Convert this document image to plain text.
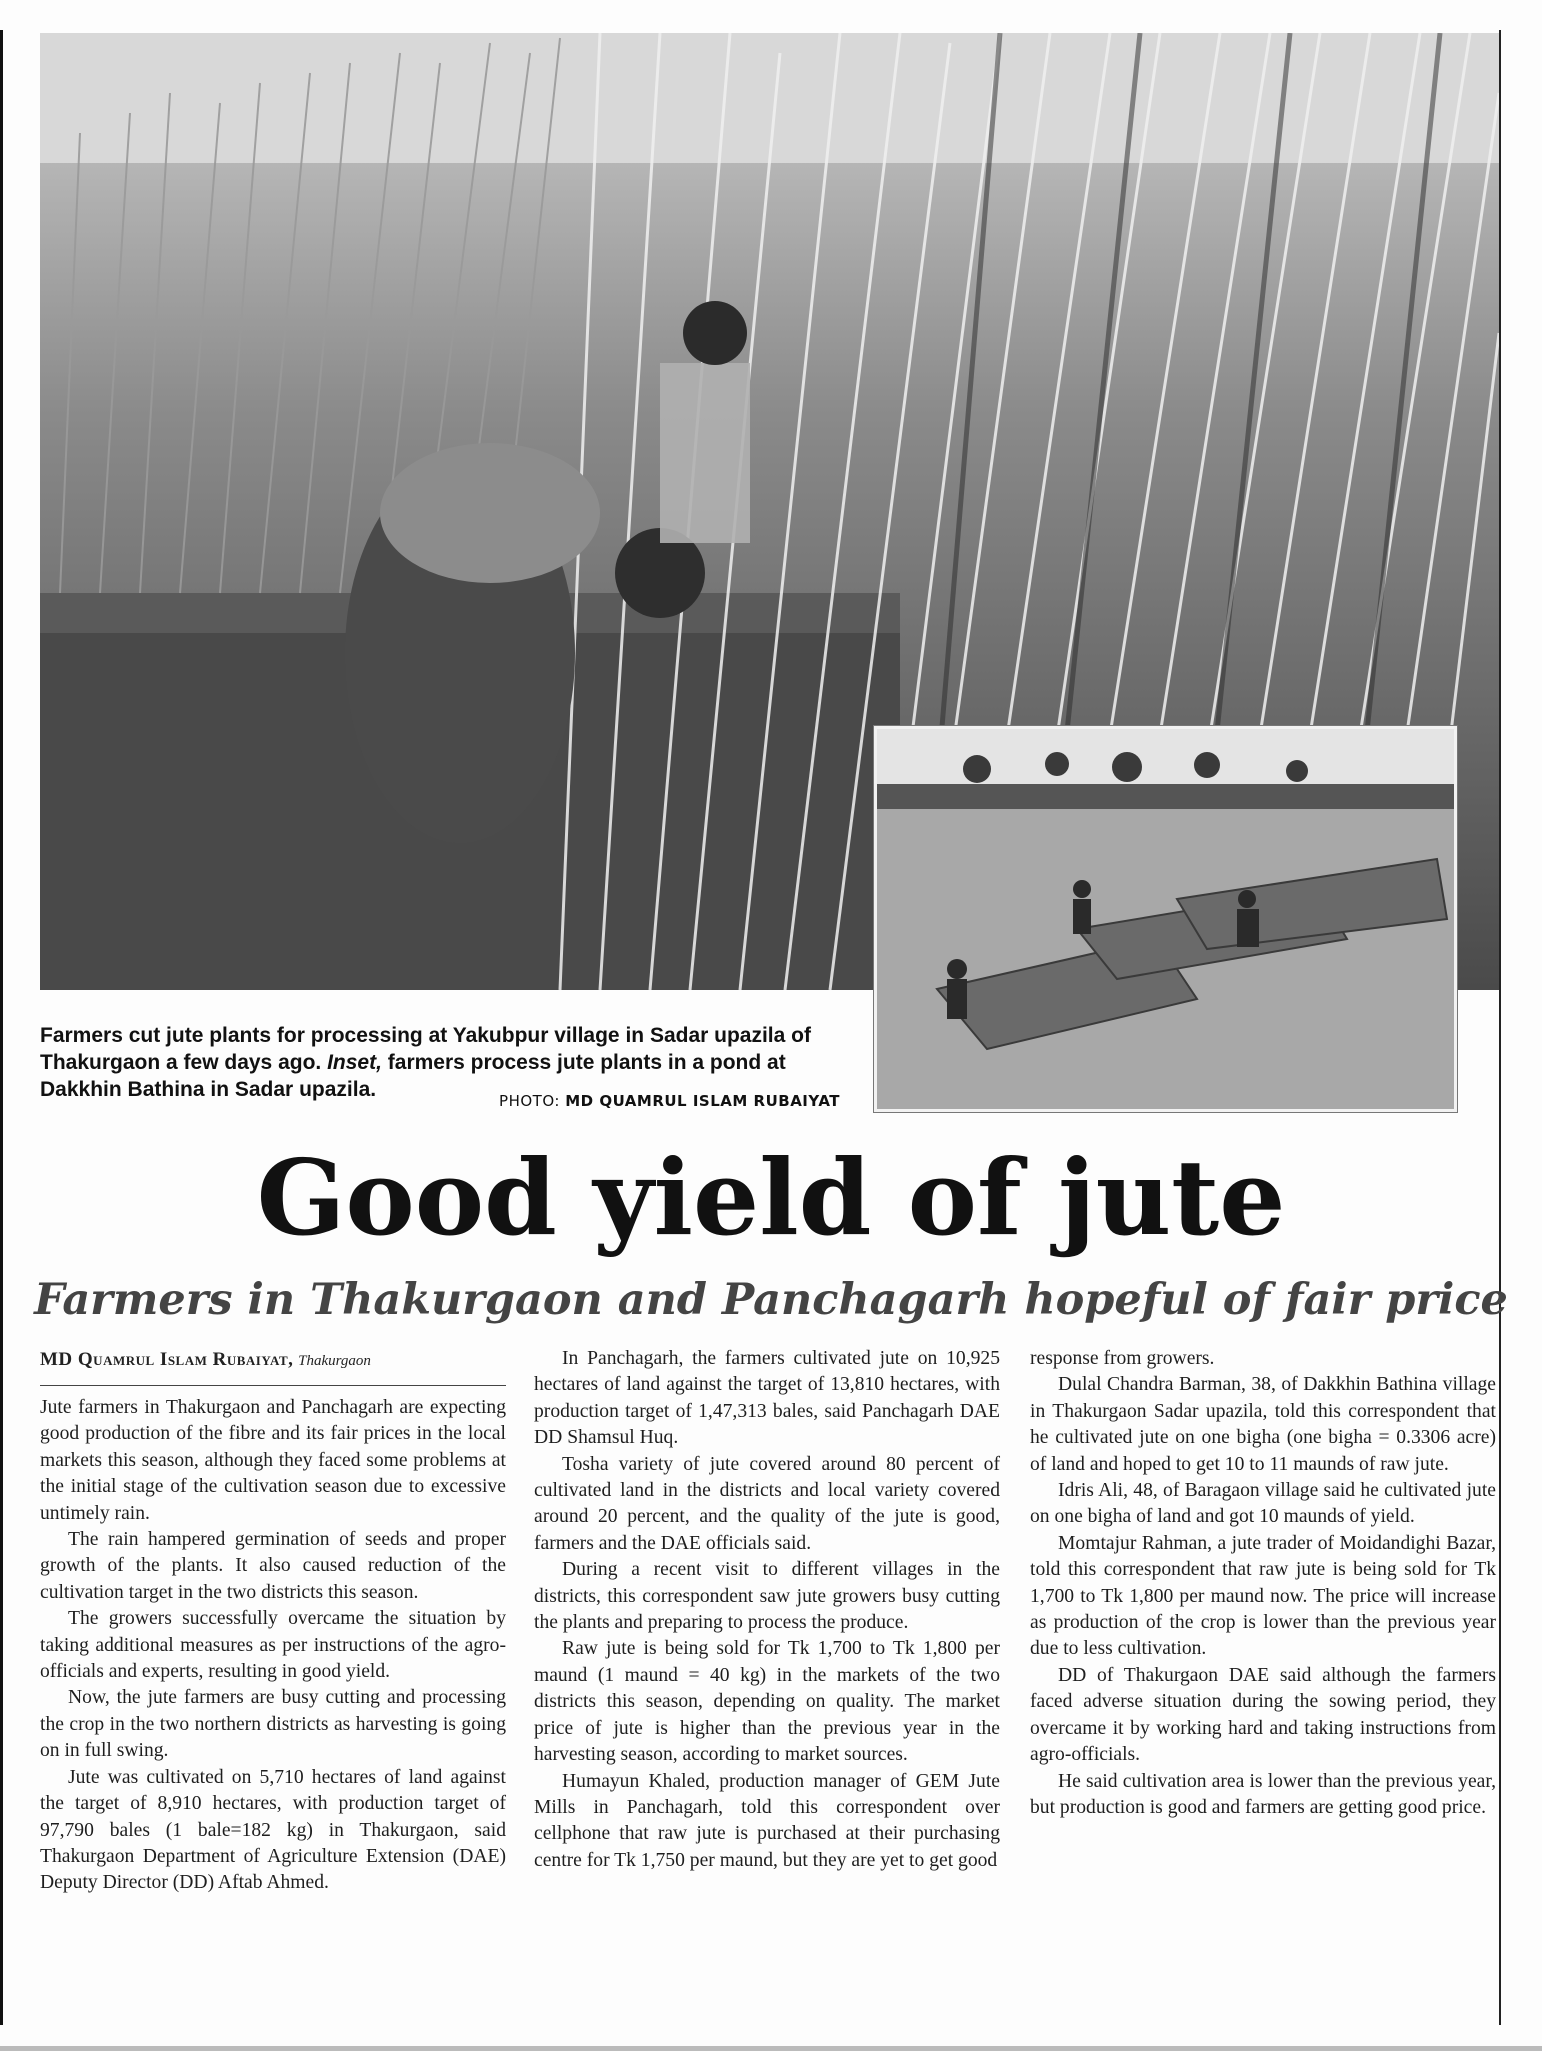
Farmers cut jute plants for processing at Yakubpur village in Sadar upazila of Thakurgaon a few days ago. Inset, farmers process jute plants in a pond at Dakkhin Bathina in Sadar upazila.	PHOTO: MD QUAMRUL ISLAM RUBAIYAT
Good yield of jute
Farmers in Thakurgaon and Panchagarh hopeful of fair price
MD Quamrul Islam Rubaiyat, Thakurgaon

Jute farmers in Thakurgaon and Panchagarh are expecting good production of the fibre and its fair prices in the local markets this season, although they faced some problems at the initial stage of the cultivation season due to excessive untimely rain.

The rain hampered germination of seeds and proper growth of the plants. It also caused reduction of the cultivation target in the two districts this season.

The growers successfully overcame the situation by taking additional measures as per instructions of the agro-officials and experts, resulting in good yield.

Now, the jute farmers are busy cutting and processing the crop in the two northern districts as harvesting is going on in full swing.

Jute was cultivated on 5,710 hectares of land against the target of 8,910 hectares, with production target of 97,790 bales (1 bale=182 kg) in Thakurgaon, said Thakurgaon Department of Agriculture Extension (DAE) Deputy Director (DD) Aftab Ahmed.

In Panchagarh, the farmers cultivated jute on 10,925 hectares of land against the target of 13,810 hectares, with production target of 1,47,313 bales, said Panchagarh DAE DD Shamsul Huq.

Tosha variety of jute covered around 80 percent of cultivated land in the districts and local variety covered around 20 percent, and the quality of the jute is good, farmers and the DAE officials said.

During a recent visit to different villages in the districts, this correspondent saw jute growers busy cutting the plants and preparing to process the produce.

Raw jute is being sold for Tk 1,700 to Tk 1,800 per maund (1 maund = 40 kg) in the markets of the two districts this season, depending on quality. The market price of jute is higher than the previous year in the harvesting season, according to market sources.

Humayun Khaled, production manager of GEM Jute Mills in Panchagarh, told this correspondent over cellphone that raw jute is purchased at their purchasing centre for Tk 1,750 per maund, but they are yet to get good

response from growers.

Dulal Chandra Barman, 38, of Dakkhin Bathina village in Thakurgaon Sadar upazila, told this correspondent that he cultivated jute on one bigha (one bigha = 0.3306 acre) of land and hoped to get 10 to 11 maunds of raw jute.

Idris Ali, 48, of Baragaon village said he cultivated jute on one bigha of land and got 10 maunds of yield.

Momtajur Rahman, a jute trader of Moidandighi Bazar, told this correspondent that raw jute is being sold for Tk 1,700 to Tk 1,800 per maund now. The price will increase as production of the crop is lower than the previous year due to less cultivation.

DD of Thakurgaon DAE said although the farmers faced adverse situation during the sowing period, they overcame it by working hard and taking instructions from agro-officials.

He said cultivation area is lower than the previous year, but production is good and farmers are getting good price.
